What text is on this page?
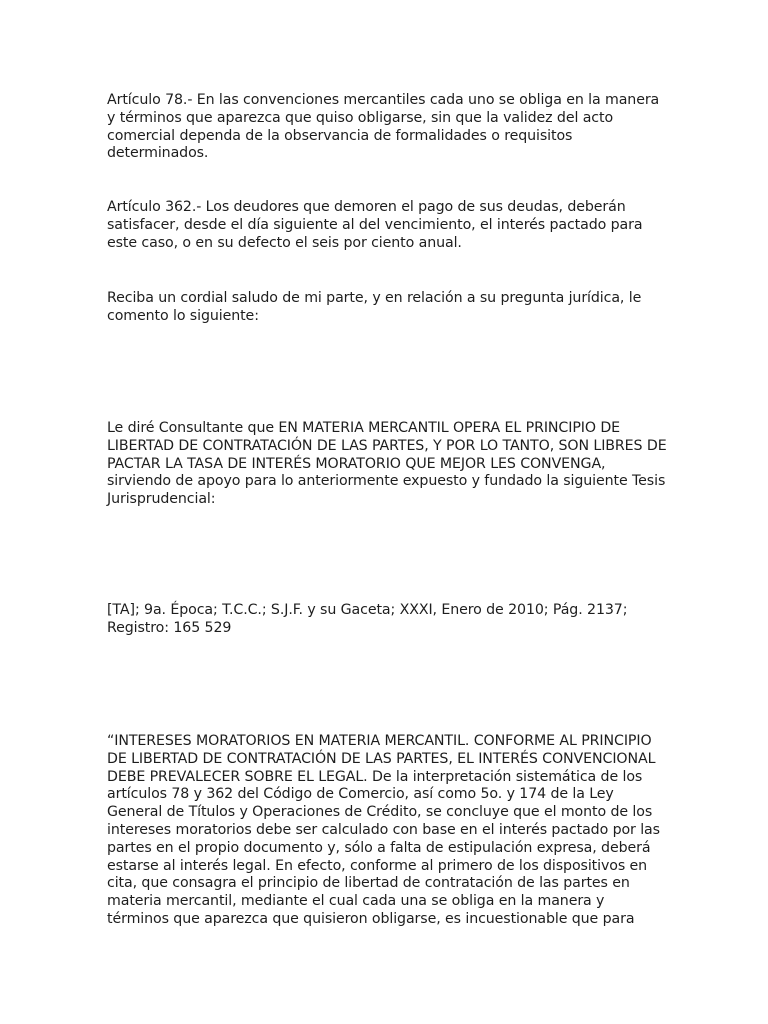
Artículo 78.- En las convenciones mercantiles cada uno se obliga en la manera
y términos que aparezca que quiso obligarse, sin que la validez del acto
comercial dependa de la observancia de formalidades o requisitos
determinados.
Artículo 362.- Los deudores que demoren el pago de sus deudas, deberán
satisfacer, desde el día siguiente al del vencimiento, el interés pactado para
este caso, o en su defecto el seis por ciento anual.
Reciba un cordial saludo de mi parte, y en relación a su pregunta jurídica, le
comento lo siguiente:
Le diré Consultante que EN MATERIA MERCANTIL OPERA EL PRINCIPIO DE
LIBERTAD DE CONTRATACIÓN DE LAS PARTES, Y POR LO TANTO, SON LIBRES DE
PACTAR LA TASA DE INTERÉS MORATORIO QUE MEJOR LES CONVENGA,
sirviendo de apoyo para lo anteriormente expuesto y fundado la siguiente Tesis
Jurisprudencial:
[TA]; 9a. Época; T.C.C.; S.J.F. y su Gaceta; XXXI, Enero de 2010; Pág. 2137;
Registro: 165 529
“INTERESES MORATORIOS EN MATERIA MERCANTIL. CONFORME AL PRINCIPIO
DE LIBERTAD DE CONTRATACIÓN DE LAS PARTES, EL INTERÉS CONVENCIONAL
DEBE PREVALECER SOBRE EL LEGAL. De la interpretación sistemática de los
artículos 78 y 362 del Código de Comercio, así como 5o. y 174 de la Ley
General de Títulos y Operaciones de Crédito, se concluye que el monto de los
intereses moratorios debe ser calculado con base en el interés pactado por las
partes en el propio documento y, sólo a falta de estipulación expresa, deberá
estarse al interés legal. En efecto, conforme al primero de los dispositivos en
cita, que consagra el principio de libertad de contratación de las partes en
materia mercantil, mediante el cual cada una se obliga en la manera y
términos que aparezca que quisieron obligarse, es incuestionable que para
